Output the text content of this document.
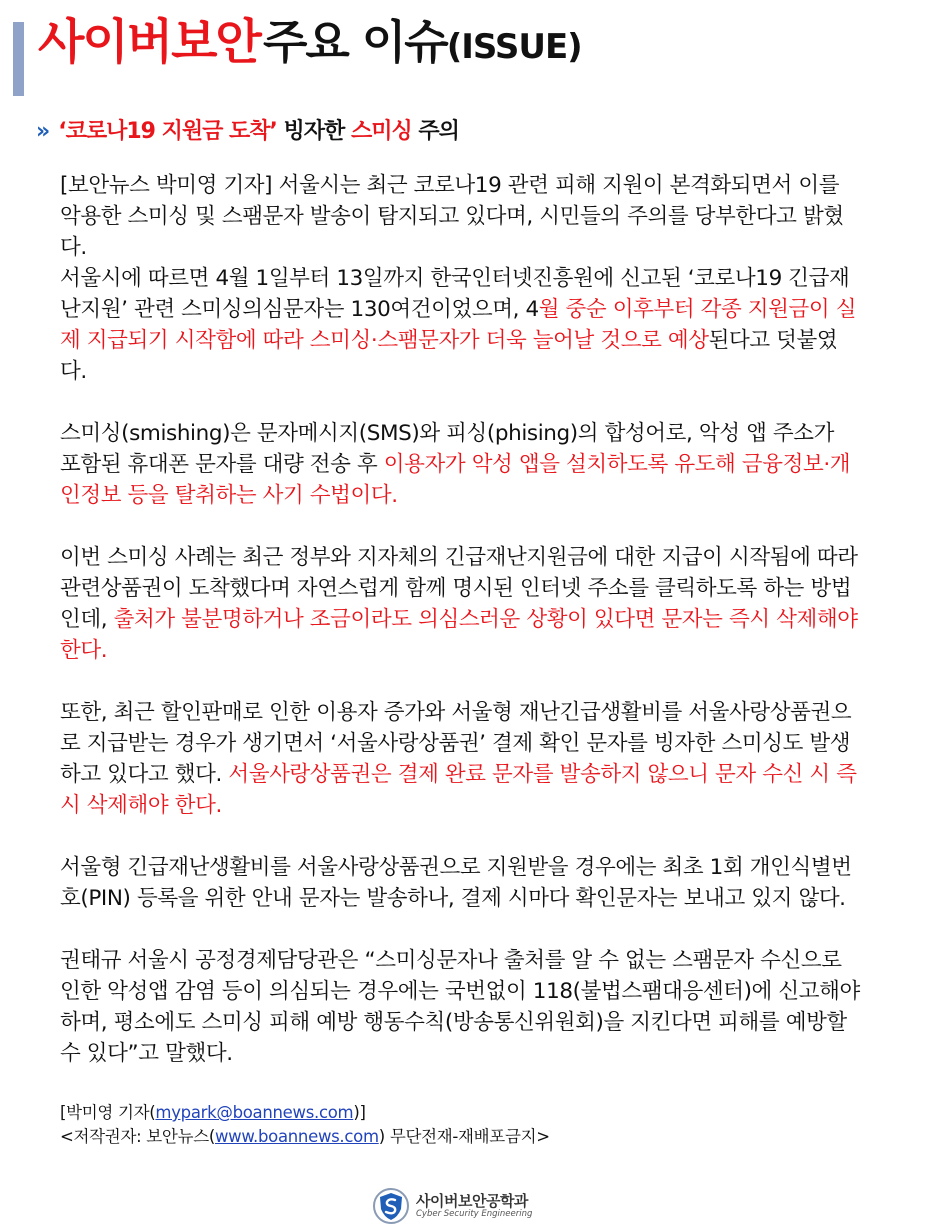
사이버보안 주요 이슈(ISSUE)
» ‘코로나19 지원금 도착’ 빙자한 스미싱 주의

[보안뉴스 박미영 기자] 서울시는 최근 코로나19 관련 피해 지원이 본격화되면서 이를 악용한 스미싱 및 스팸문자 발송이 탐지되고 있다며, 시민들의 주의를 당부한다고 밝혔다.

서울시에 따르면 4월 1일부터 13일까지 한국인터넷진흥원에 신고된 ‘코로나19 긴급재난지원’ 관련 스미싱의심문자는 130여건이었으며, 4월 중순 이후부터 각종 지원금이 실제 지급되기 시작함에 따라 스미싱·스팸문자가 더욱 늘어날 것으로 예상된다고 덧붙였다.

스미싱(smishing)은 문자메시지(SMS)와 피싱(phising)의 합성어로, 악성 앱 주소가 포함된 휴대폰 문자를 대량 전송 후 이용자가 악성 앱을 설치하도록 유도해 금융정보·개인정보 등을 탈취하는 사기 수법이다.

이번 스미싱 사례는 최근 정부와 지자체의 긴급재난지원금에 대한 지급이 시작됨에 따라 관련상품권이 도착했다며 자연스럽게 함께 명시된 인터넷 주소를 클릭하도록 하는 방법인데, 출처가 불분명하거나 조금이라도 의심스러운 상황이 있다면 문자는 즉시 삭제해야 한다.

또한, 최근 할인판매로 인한 이용자 증가와 서울형 재난긴급생활비를 서울사랑상품권으로 지급받는 경우가 생기면서 ‘서울사랑상품권’ 결제 확인 문자를 빙자한 스미싱도 발생하고 있다고 했다. 서울사랑상품권은 결제 완료 문자를 발송하지 않으니 문자 수신 시 즉시 삭제해야 한다.

서울형 긴급재난생활비를 서울사랑상품권으로 지원받을 경우에는 최초 1회 개인식별번호(PIN) 등록을 위한 안내 문자는 발송하나, 결제 시마다 확인문자는 보내고 있지 않다.

권태규 서울시 공정경제담당관은 “스미싱문자나 출처를 알 수 없는 스팸문자 수신으로 인한 악성앱 감염 등이 의심되는 경우에는 국번없이 118(불법스팸대응센터)에 신고해야 하며, 평소에도 스미싱 피해 예방 행동수칙(방송통신위원회)을 지킨다면 피해를 예방할 수 있다”고 말했다.

[박미영 기자(mypark@boannews.com)]
<저작권자: 보안뉴스(www.boannews.com) 무단전재-재배포금지>
사이버보안공학과
Cyber Security Engineering
